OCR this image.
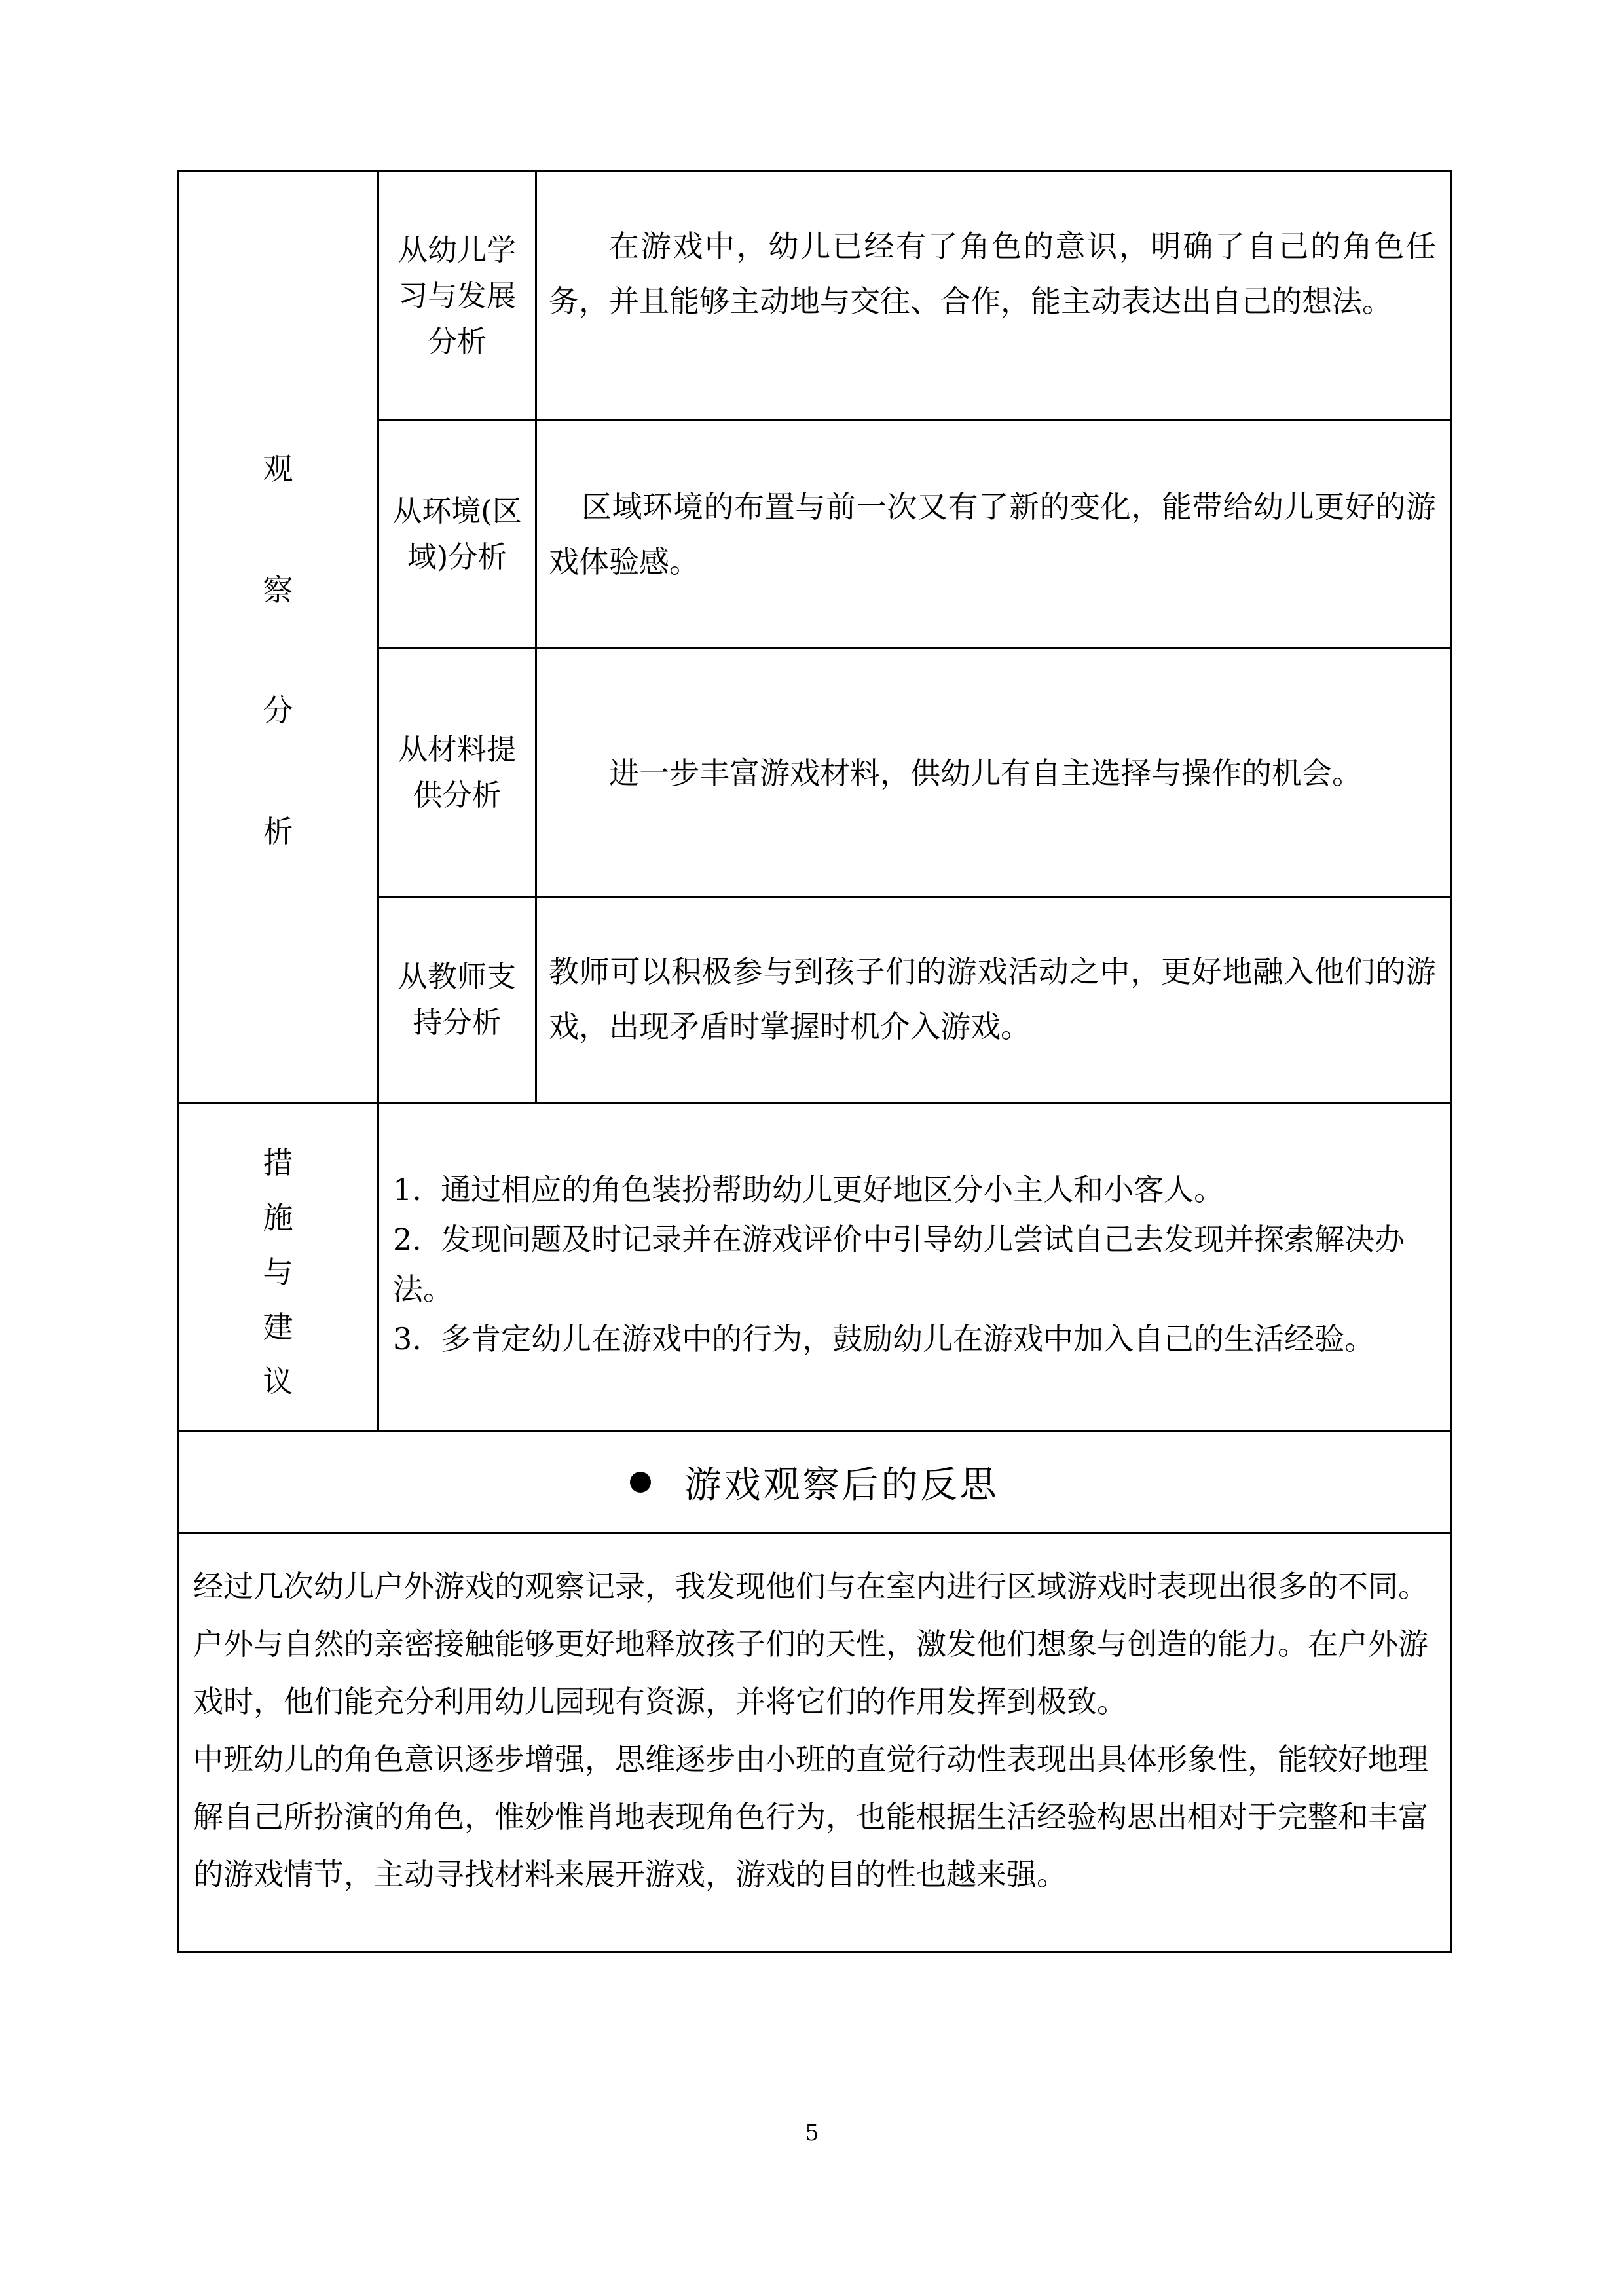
观
察
分
析
从幼儿学
习与发展
分析
在游戏中，幼儿已经有了角色的意识，明确了自己的角色任务，并且能够主动地与交往、合作，能主动表达出自己的想法。
从环境(区
域)分析
区域环境的布置与前一次又有了新的变化，能带给幼儿更好的游戏体验感。
从材料提
供分析
进一步丰富游戏材料，供幼儿有自主选择与操作的机会。
从教师支
持分析
教师可以积极参与到孩子们的游戏活动之中，更好地融入他们的游戏，出现矛盾时掌握时机介入游戏。
措
施
与
建
议

1.  通过相应的角色装扮帮助幼儿更好地区分小主人和小客人。

2.  发现问题及时记录并在游戏评价中引导幼儿尝试自己去发现并探索解决办法。

3.  多肯定幼儿在游戏中的行为，鼓励幼儿在游戏中加入自己的生活经验。

游戏观察后的反思

经过几次幼儿户外游戏的观察记录，我发现他们与在室内进行区域游戏时表现出很多的不同。

户外与自然的亲密接触能够更好地释放孩子们的天性，激发他们想象与创造的能力。在户外游戏时，他们能充分利用幼儿园现有资源，并将它们的作用发挥到极致。

中班幼儿的角色意识逐步增强，思维逐步由小班的直觉行动性表现出具体形象性，能较好地理解自己所扮演的角色，惟妙惟肖地表现角色行为，也能根据生活经验构思出相对于完整和丰富的游戏情节，主动寻找材料来展开游戏，游戏的目的性也越来强。

5
